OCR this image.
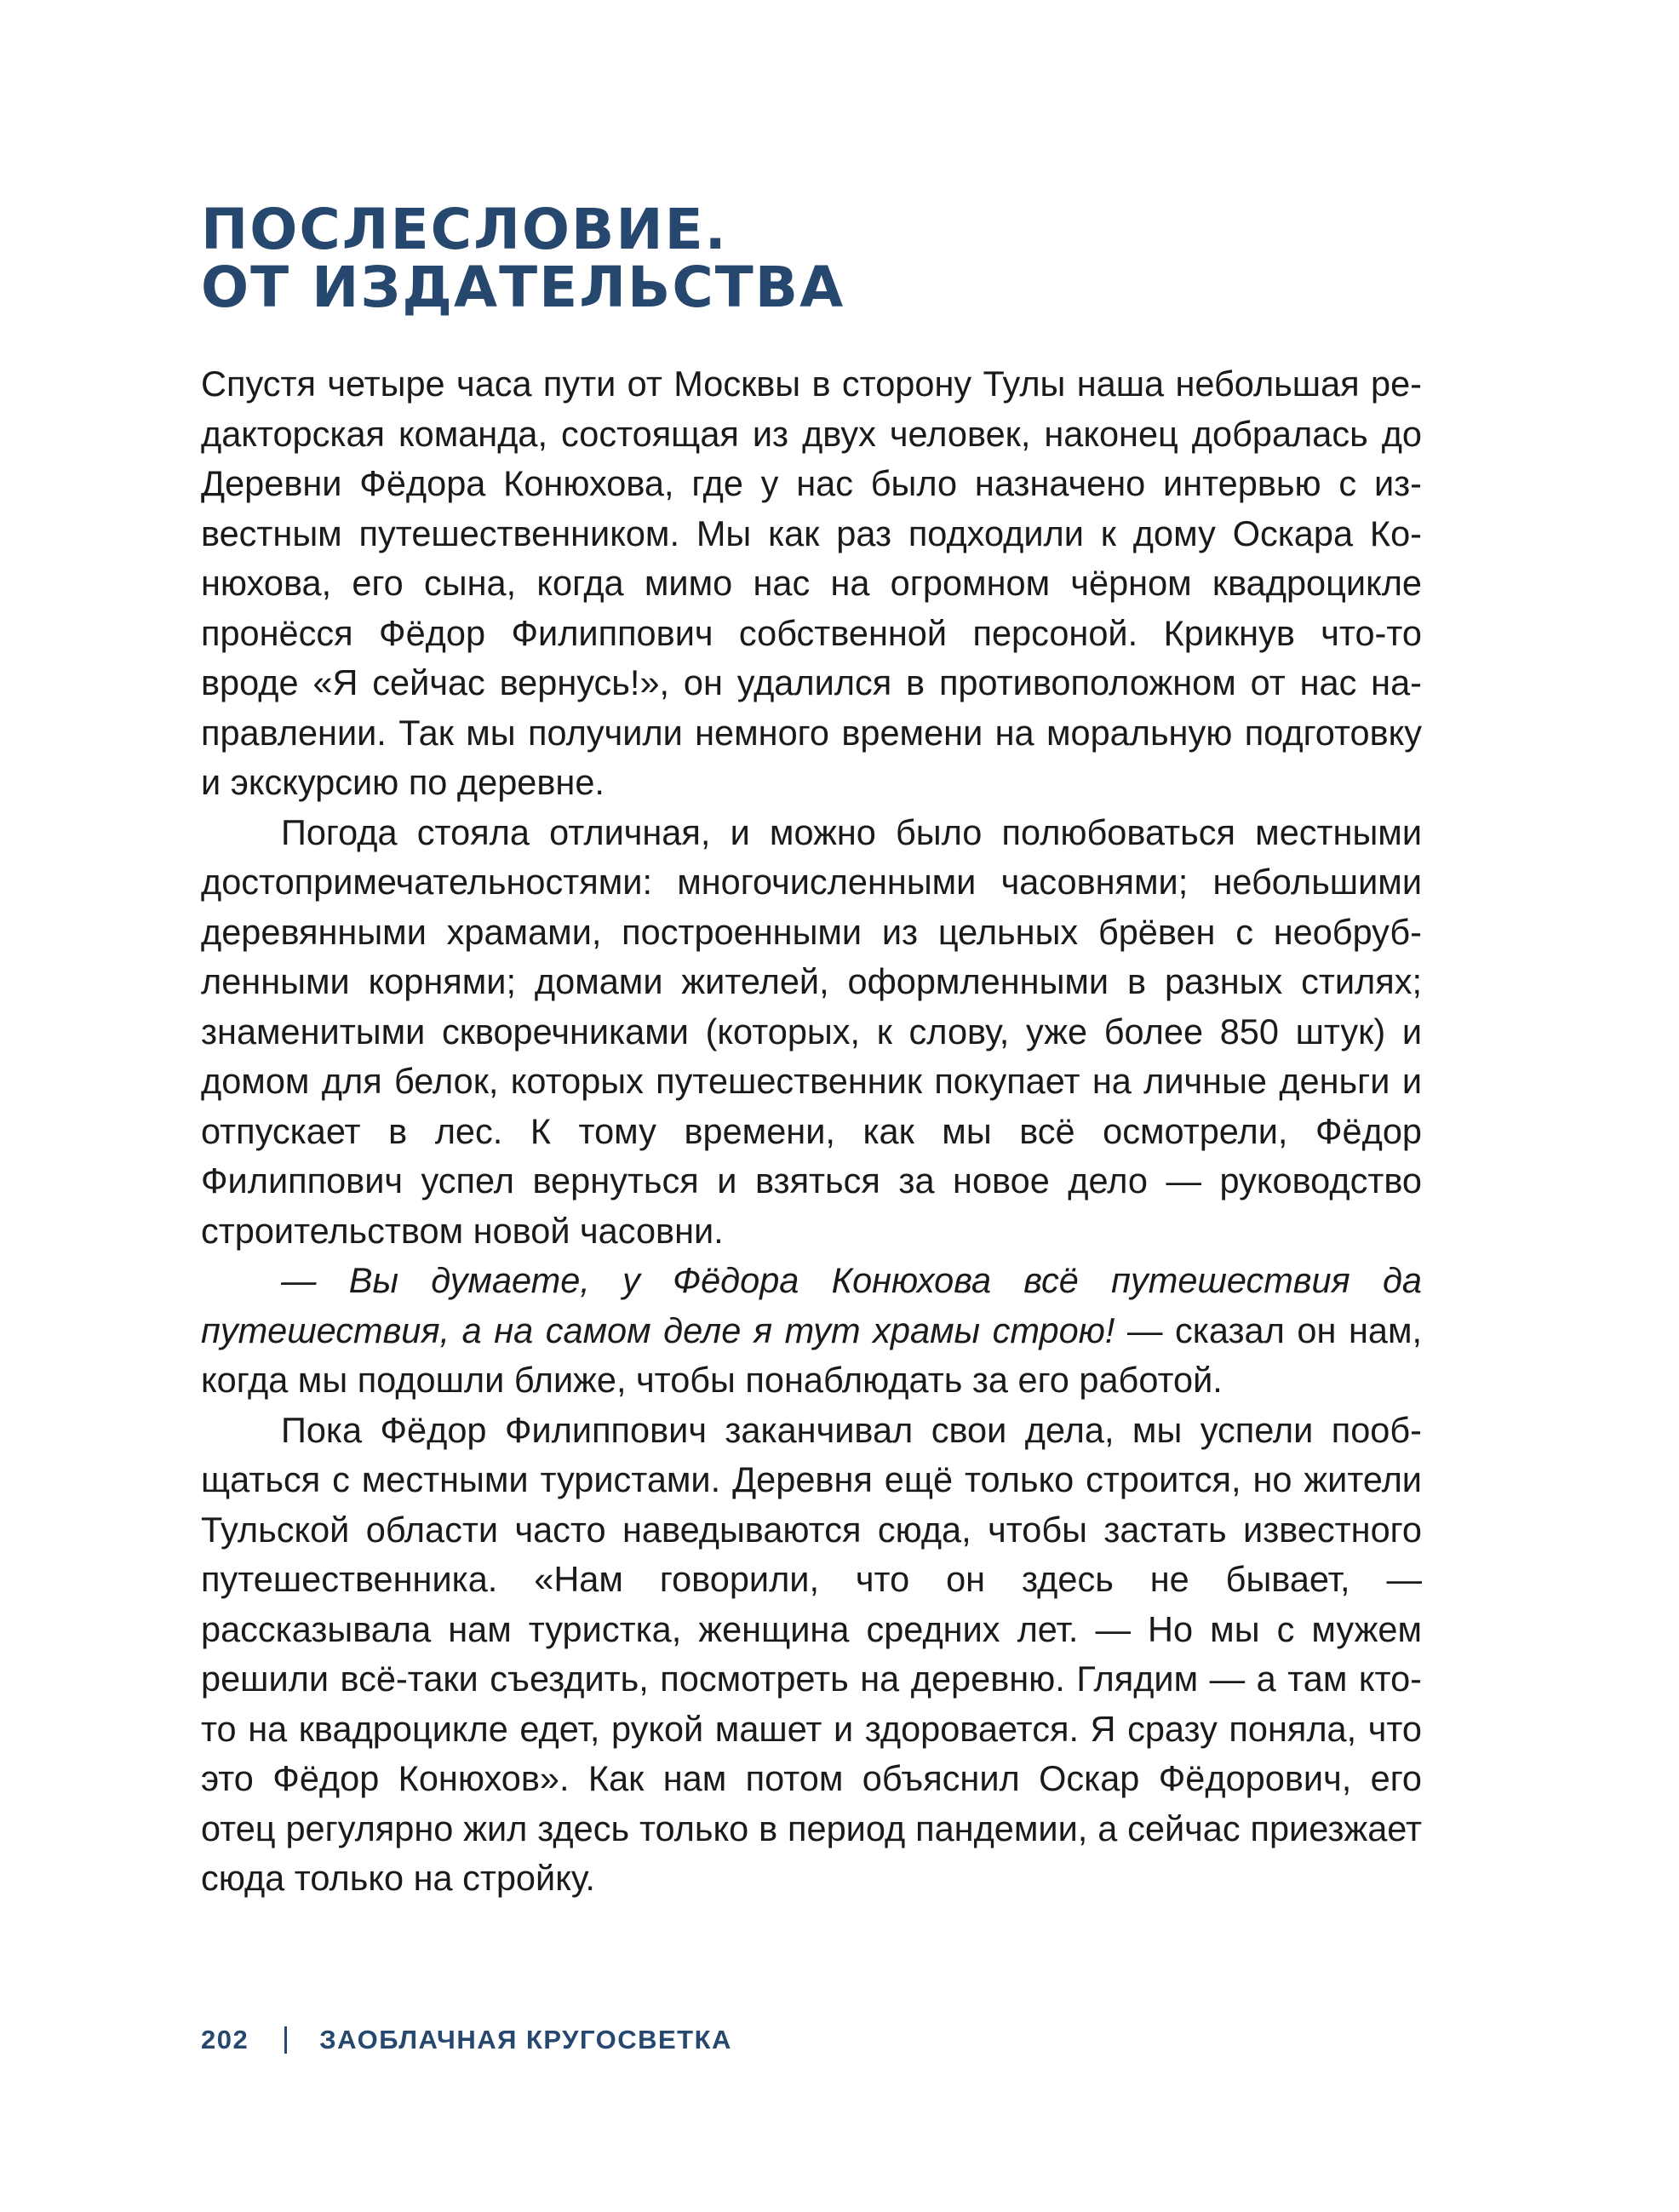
ПОСЛЕСЛОВИЕ.
ОТ ИЗДАТЕЛЬСТВА

Спустя четыре часа пути от Москвы в сторону Тулы наша небольшая редакторская команда, состоящая из двух человек, наконец добралась до Деревни Фёдора Конюхова, где у нас было назначено интервью с известным путешественником. Мы как раз подходили к дому Оскара Конюхова, его сына, когда мимо нас на огромном чёрном квадроцикле пронёсся Фёдор Филиппович собственной персоной. Крикнув что-то вроде «Я сейчас вернусь!», он удалился в противоположном от нас направлении. Так мы получили немного времени на моральную подготовку и экскурсию по деревне.

Погода стояла отличная, и можно было полюбоваться местными достопримечательностями: многочисленными часовнями; небольшими деревянными храмами, построенными из цельных брёвен с необрубленными корнями; домами жителей, оформленными в разных стилях; знаменитыми скворечниками (которых, к слову, уже более 850 штук) и домом для белок, которых путешественник покупает на личные деньги и отпускает в лес. К тому времени, как мы всё осмотрели, Фёдор Филиппович успел вернуться и взяться за новое дело — руководство строительством новой часовни.

— Вы думаете, у Фёдора Конюхова всё путешествия да путешествия, а на самом деле я тут храмы строю! — сказал он нам, когда мы подошли ближе, чтобы понаблюдать за его работой.

Пока Фёдор Филиппович заканчивал свои дела, мы успели пообщаться с местными туристами. Деревня ещё только строится, но жители Тульской области часто наведываются сюда, чтобы застать известного путешественника. «Нам говорили, что он здесь не бывает, — рассказывала нам туристка, женщина средних лет. — Но мы с мужем решили всё-таки съездить, посмотреть на деревню. Глядим — а там кто-то на квадроцикле едет, рукой машет и здоровается. Я сразу поняла, что это Фёдор Конюхов». Как нам потом объяснил Оскар Фёдорович, его отец регулярно жил здесь только в период пандемии, а сейчас приезжает сюда только на стройку.

202	ЗАОБЛАЧНАЯ КРУГОСВЕТКА
